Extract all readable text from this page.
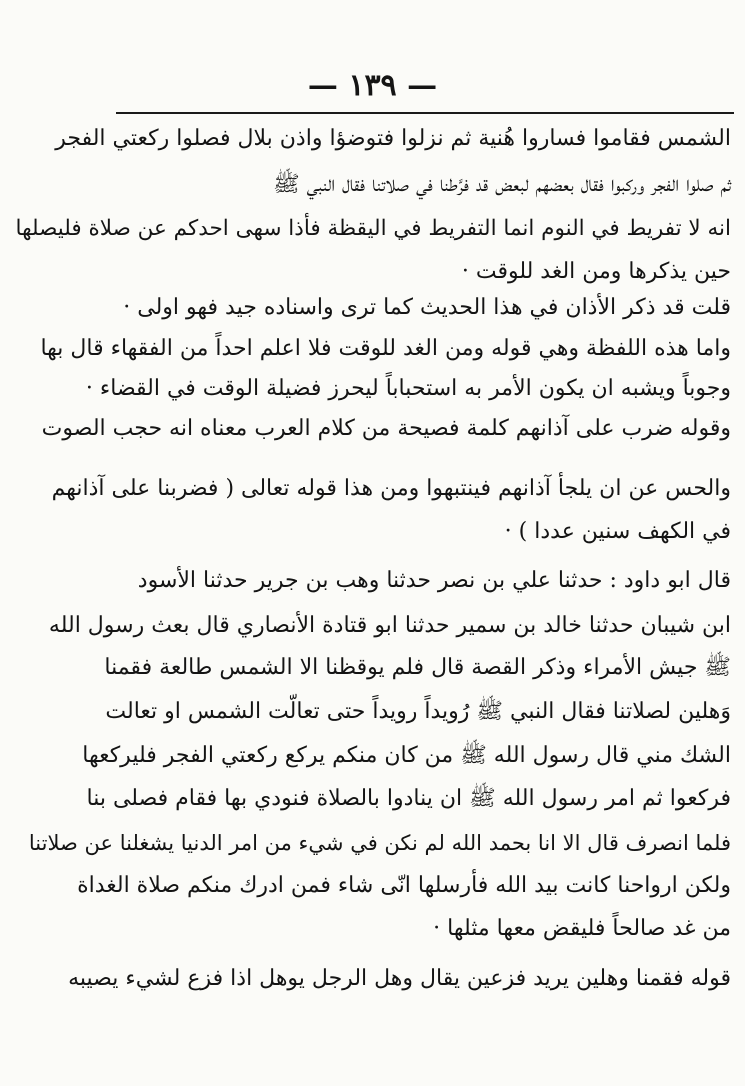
— ١٣٩ —
الشمس فقاموا فساروا هُنية ثم نزلوا فتوضؤا واذن بلال فصلوا ركعتي الفجر
ثم صلوا الفجر وركبوا فقال بعضهم لبعض قد فرَّطنا في صلاتنا فقال النبي ﷺ
انه لا تفريط في النوم انما التفريط في اليقظة فأذا سهى احدكم عن صلاة فليصلها
حين يذكرها ومن الغد للوقت ·
قلت قد ذكر الأذان في هذا الحديث كما ترى واسناده جيد فهو اولى ·
واما هذه اللفظة وهي قوله ومن الغد للوقت فلا اعلم احداً من الفقهاء قال بها
وجوباً ويشبه ان يكون الأمر به استحباباً ليحرز فضيلة الوقت في القضاء ·
وقوله ضرب على آذانهم كلمة فصيحة من كلام العرب معناه انه حجب الصوت
والحس عن ان يلجأ آذانهم فينتبهوا ومن هذا قوله تعالى ( فضربنا على آذانهم
في الكهف سنين عددا ) ·
قال ابو داود : حدثنا علي بن نصر حدثنا وهب بن جرير حدثنا الأسود
ابن شيبان حدثنا خالد بن سمير حدثنا ابو قتادة الأنصاري قال بعث رسول الله
ﷺ جيش الأمراء وذكر القصة قال فلم يوقظنا الا الشمس طالعة فقمنا
وَهلين لصلاتنا فقال النبي ﷺ رُويداً رويداً حتى تعالّت الشمس او تعالت
الشك مني قال رسول الله ﷺ من كان منكم يركع ركعتي الفجر فليركعها
فركعوا ثم امر رسول الله ﷺ ان ينادوا بالصلاة فنودي بها فقام فصلى بنا
فلما انصرف قال الا انا بحمد الله لم نكن في شيء من امر الدنيا يشغلنا عن صلاتنا
ولكن ارواحنا كانت بيد الله فأرسلها انّى شاء فمن ادرك منكم صلاة الغداة
من غد صالحاً فليقض معها مثلها ·
قوله فقمنا وهلين يريد فزعين يقال وهل الرجل يوهل اذا فزع لشيء يصيبه
